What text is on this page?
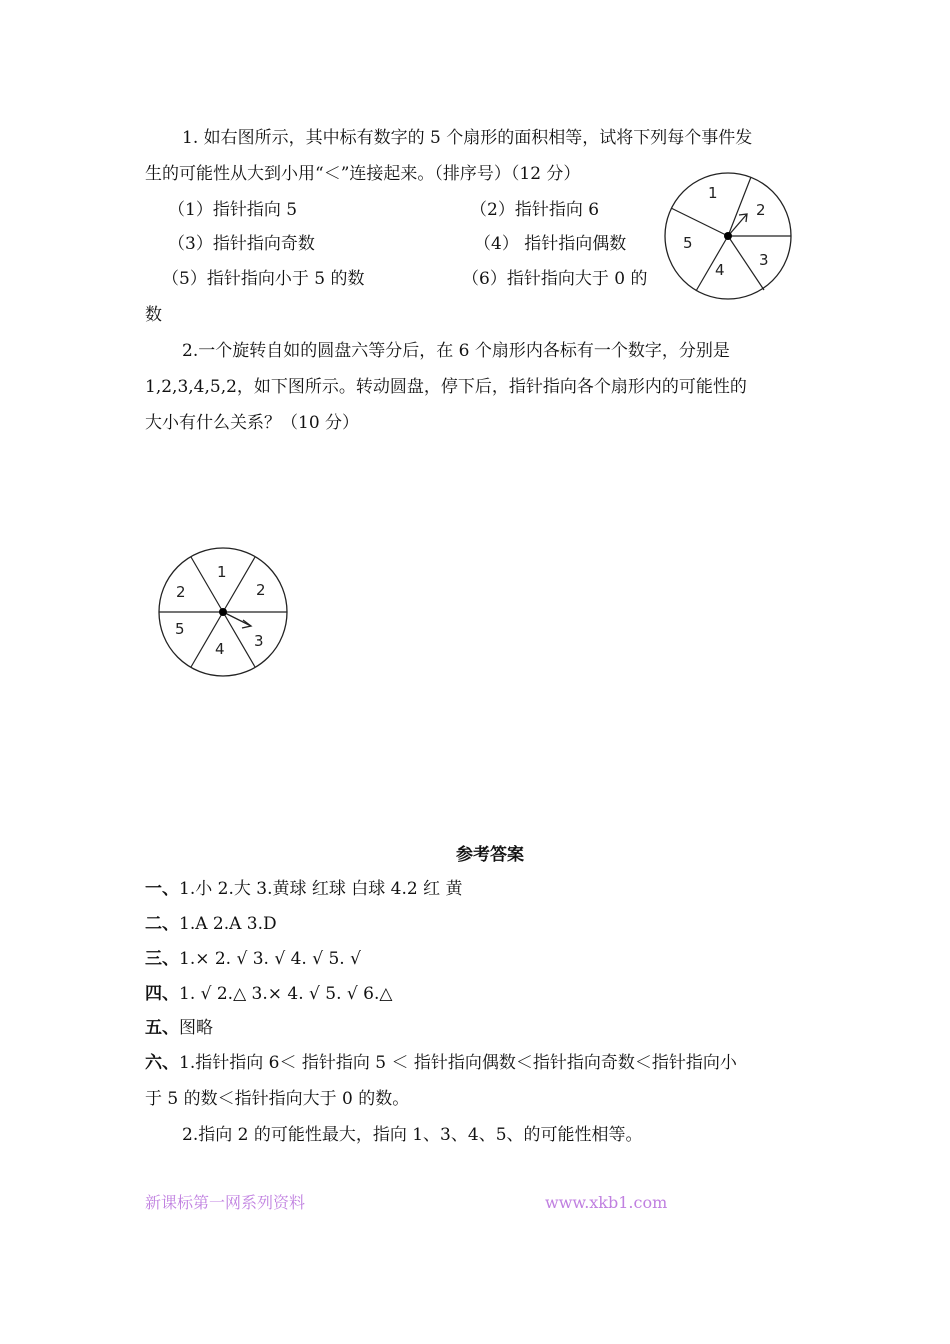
1. 如右图所示，其中标有数字的 5 个扇形的面积相等，试将下列每个事件发
生的可能性从大到小用“＜”连接起来。（排序号）（12 分）
（1）指针指向 5	（2）指针指向 6
（3）指针指向奇数	（4） 指针指向偶数
（5）指针指向小于 5 的数	（6）指针指向大于 0 的
数
1
2
3
4
5
2.一个旋转自如的圆盘六等分后，在 6 个扇形内各标有一个数字，分别是
1,2,3,4,5,2，如下图所示。转动圆盘，停下后，指针指向各个扇形内的可能性的
大小有什么关系？（10 分）
1
2
3
4
5
2
参考答案
一、1.小 2.大 3.黄球 红球 白球 4.2 红 黄
二、1.A 2.A 3.D
三、1.× 2. √ 3. √ 4. √ 5. √
四、1. √ 2.△ 3.× 4. √ 5. √ 6.△
五、图略
六、1.指针指向 6＜ 指针指向 5 ＜ 指针指向偶数＜指针指向奇数＜指针指向小
于 5 的数＜指针指向大于 0 的数。
2.指向 2 的可能性最大，指向 1、3、4、5、的可能性相等。
新课标第一网系列资料	www.xkb1.com
